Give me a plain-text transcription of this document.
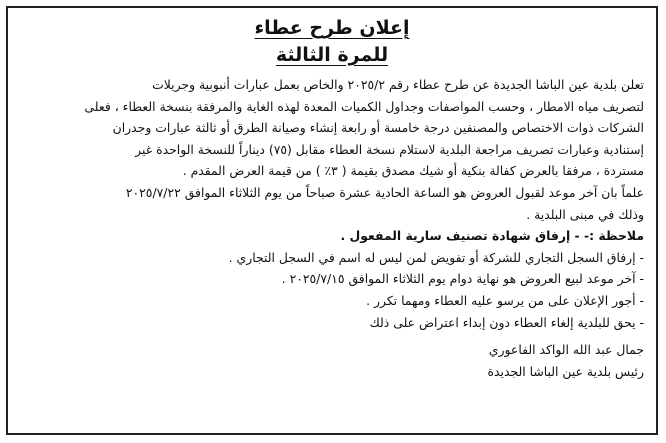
إعلان طرح عطاء
للمرة الثالثة
تعلن بلدية عين الباشا الجديدة عن طرح عطاء رقم ٢٠٢٥/٢ والخاص بعمل عبارات أنبوبية وجريلات
لتصريف مياه الامطار ، وحسب المواصفات وجداول الكميات المعدة لهذه الغاية والمرفقة بنسخة العطاء ، فعلى
الشركات ذوات الاختصاص والمصنفين درجة خامسة أو رابعة إنشاء وصيانة الطرق أو ثالثة عبارات وجدران
إستنادية وعبارات تصريف مراجعة البلدية لاستلام نسخة العطاء مقابل (٧٥) ديناراً للنسخة الواحدة غير
مستردة ، مرفقا بالعرض كفالة بنكية أو شيك مصدق بقيمة ( ٣٪ ) من قيمة العرض المقدم .
علماً بان آخر موعد لقبول العروض هو الساعة الحادية عشرة صباحاً من يوم الثلاثاء الموافق ٢٠٢٥/٧/٢٢
وذلك في مبنى البلدية .
ملاحظة :- - إرفاق شهادة تصنيف سارية المفعول .
- إرفاق السجل التجاري للشركة أو تفويض لمن ليس له اسم في السجل التجاري .
- آخر موعد لبيع العروض هو نهاية دوام يوم الثلاثاء الموافق ٢٠٢٥/٧/١٥ .
- أجور الإعلان على من يرسو عليه العطاء ومهما تكرر .
- يحق للبلدية إلغاء العطاء دون إبداء اعتراض على ذلك
جمال عبد الله الواكد الفاعوري
رئيس بلدية عين الباشا الجديدة
